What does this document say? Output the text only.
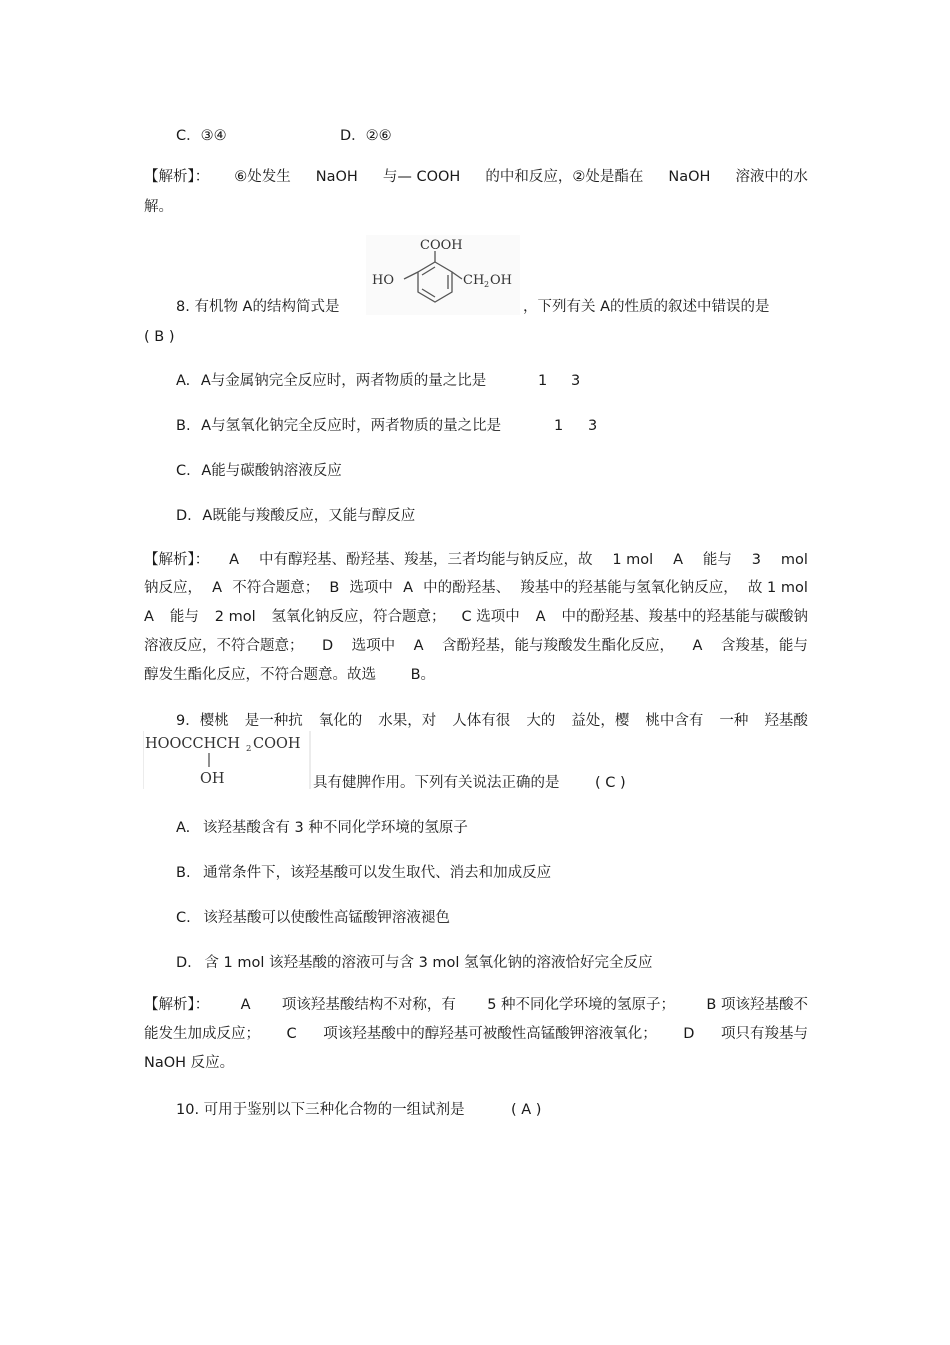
C．③④	D．②⑥
【解析】： ⑥处发生 NaOH 与— COOH 的中和反应，②处是酯在 NaOH 溶液中的水
解。
COOH
HO	CH 2 OH
8. 有机物 A的结构简式是	，下列有关 A的性质的叙述中错误的是
( B )
A. A与金属钠完全反应时，两者物质的量之比是	1 3
B. A与氢氧化钠完全反应时，两者物质的量之比是	1 3
C. A能与碳酸钠溶液反应
D. A既能与羧酸反应，又能与醇反应
【解析】： A 中有醇羟基、酚羟基、羧基，三者均能与钠反应，故 1 mol A 能与 3 mol
钠反应， A 不符合题意； B 选项中 A 中的酚羟基、 羧基中的羟基能与氢氧化钠反应， 故 1 mol
A 能与 2 mol 氢氧化钠反应，符合题意； C 选项中 A 中的酚羟基、羧基中的羟基能与碳酸钠
溶液反应，不符合题意； D 选项中 A 含酚羟基，能与羧酸发生酯化反应， A 含羧基，能与
醇发生酯化反应，不符合题意。故选 B。
9．樱桃 是一种抗 氧化的 水果，对 人体有很 大的 益处，樱 桃中含有 一种 羟基酸
HOOCCHCH 2 COOH
OH	具有健脾作用。下列有关说法正确的是 ( C )
A. 该羟基酸含有 3 种不同化学环境的氢原子
B. 通常条件下，该羟基酸可以发生取代、消去和加成反应
C. 该羟基酸可以使酸性高锰酸钾溶液褪色
D. 含 1 mol 该羟基酸的溶液可与含 3 mol 氢氧化钠的溶液恰好完全反应
【解析】： A 项该羟基酸结构不对称，有 5 种不同化学环境的氢原子； B 项该羟基酸不
能发生加成反应； C 项该羟基酸中的醇羟基可被酸性高锰酸钾溶液氧化； D 项只有羧基与
NaOH 反应。
10. 可用于鉴别以下三种化合物的一组试剂是	( A )
